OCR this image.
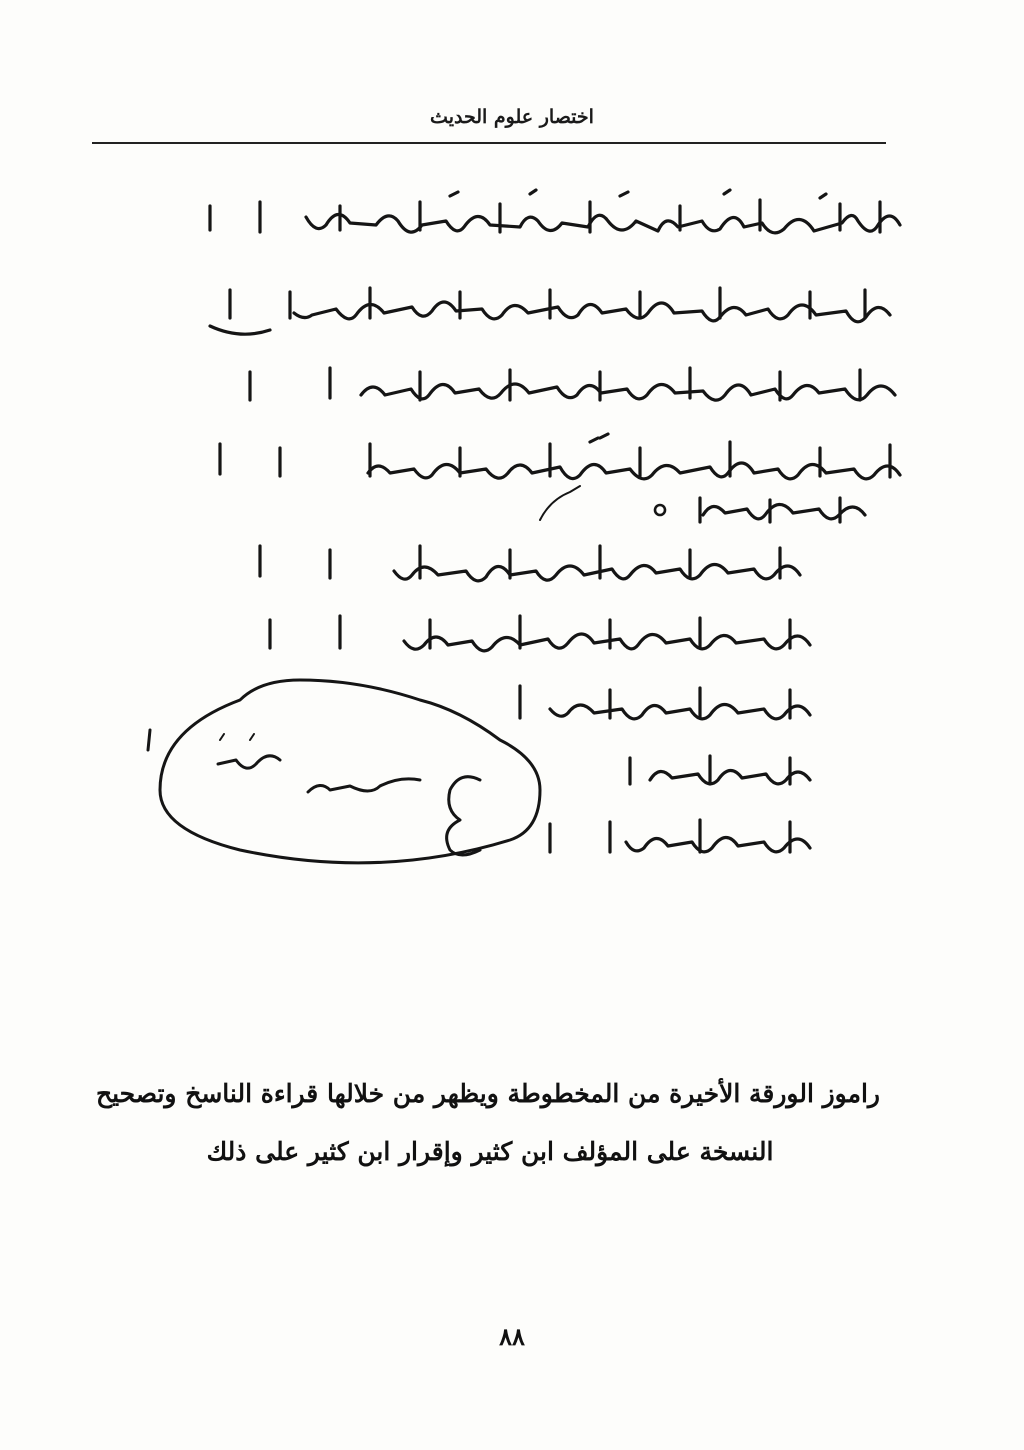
اختصار علوم الحديث
راموز الورقة الأخيرة من المخطوطة ويظهر من خلالها قراءة الناسخ وتصحيح
النسخة على المؤلف ابن كثير وإقرار ابن كثير على ذلك
٨٨
